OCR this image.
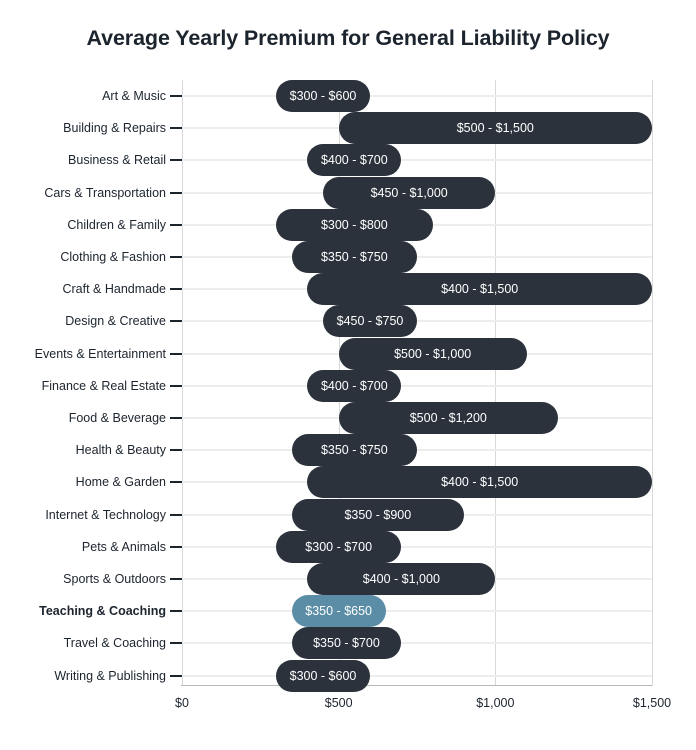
Average Yearly Premium for General Liability Policy
$0	$500	$1,000	$1,500
Art & Music	$300 - $600
Building & Repairs	$500 - $1,500
Business & Retail	$400 - $700
Cars & Transportation	$450 - $1,000
Children & Family	$300 - $800
Clothing & Fashion	$350 - $750
Craft & Handmade	$400 - $1,500
Design & Creative	$450 - $750
Events & Entertainment	$500 - $1,000
Finance & Real Estate	$400 - $700
Food & Beverage	$500 - $1,200
Health & Beauty	$350 - $750
Home & Garden	$400 - $1,500
Internet & Technology	$350 - $900
Pets & Animals	$300 - $700
Sports & Outdoors	$400 - $1,000
Teaching & Coaching	$350 - $650
Travel & Coaching	$350 - $700
Writing & Publishing	$300 - $600
